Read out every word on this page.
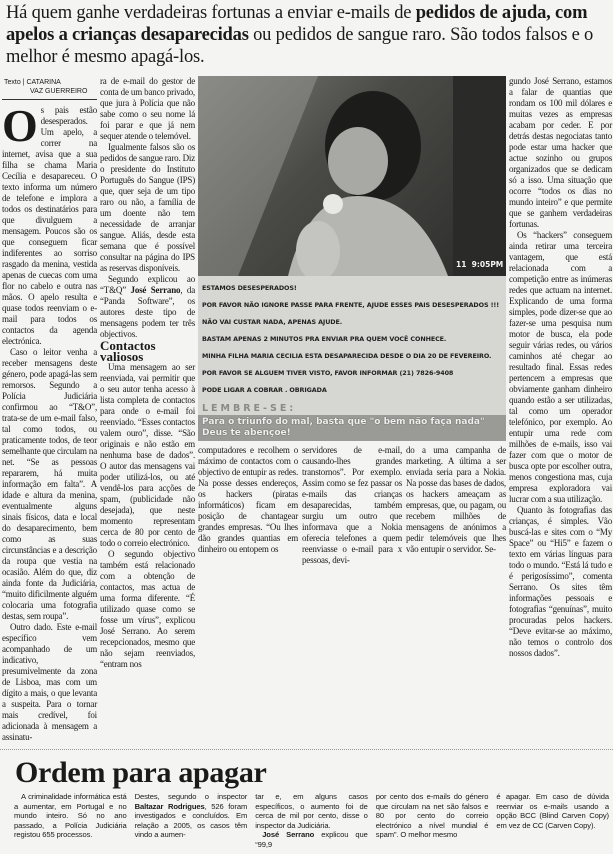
Há quem ganhe verdadeiras fortunas a enviar e-mails de pedidos de ajuda, com apelos a crianças desaparecidas ou pedidos de sangue raro. São todos falsos e o melhor é mesmo apagá-los.
Texto | CATARINA
VAZ GUERREIRO
O s pais estão desesperados. Um apelo, a correr na internet, avisa que a sua filha se chama Maria Cecília e desapareceu. O texto informa um número de telefone e implora a todos os destinatários para que divulguem a mensagem. Poucos são os que conseguem ficar indiferentes ao sorriso rasgado da menina, vestida apenas de cuecas com uma flor no cabelo e outra nas mãos. O apelo resulta e quase todos reenviam o e-mail para todos os contactos da agenda electrónica.

Caso o leitor venha a receber mensagens deste género, pode apagá-las sem remorsos. Segundo a Polícia Judiciária confirmou ao “T&O”, trata-se de um e-mail falso, tal como todos, ou praticamente todos, de teor semelhante que circulam na net. “Se as pessoas repararem, há muita informação em falta”. A idade e altura da menina, eventualmente alguns sinais físicos, data e local do desaparecimento, bem como as suas circunstâncias e a descrição da roupa que vestia na ocasião. Além do que, diz ainda fonte da Judiciária, “muito dificilmente alguém colocaria uma fotografia destas, sem roupa”.

Outro dado. Este e-mail específico vem acompanhado de um indicativo, presumivelmente da zona de Lisboa, mas com um dígito a mais, o que levanta a suspeita. Para o tornar mais credível, foi adicionada à mensagem a assinatu-

ra de e-mail do gestor de conta de um banco privado, que jura à Polícia que não sabe como o seu nome lá foi parar e que já nem sequer atende o telemóvel.

Igualmente falsos são os pedidos de sangue raro. Diz o presidente do Instituto Português do Sangue (IPS) que, quer seja de um tipo raro ou não, a família de um doente não tem necessidade de arranjar sangue. Aliás, desde esta semana que é possível consultar na página do IPS as reservas disponíveis.

Segundo explicou ao “T&Q” José Serrano, da “Panda Software”, os autores deste tipo de mensagens podem ter três objectivos.

Contactos valiosos

Uma mensagem ao ser reenviada, vai permitir que o seu autor tenha acesso à lista completa de contactos para onde o e-mail foi reenviado. “Esses contactos valem ouro”, disse. “São originais e não estão em nenhuma base de dados”. O autor das mensagens vai poder utilizá-los, ou até vendê-los para acções de spam, (publicidade não desejada), que neste momento representam cerca de 80 por cento de todo o correio electrónico.

O segundo objectivo também está relacionado com a obtenção de contactos, mas actua de uma forma diferente. “É utilizado quase como se fosse um vírus”, explicou José Serrano. Ao serem recepcionados, mesmo que não sejam reenviados, “entram nos

11  9:05PM
ESTAMOS DESESPERADOS!
POR FAVOR NÃO IGNORE PASSE PARA FRENTE, AJUDE ESSES PAIS DESESPERADOS !!!
NÃO VAI CUSTAR NADA, APENAS AJUDE.
BASTAM APENAS 2 MINUTOS PRA ENVIAR PRA QUEM VOCÊ CONHECE.
MINHA FILHA MARIA CECILIA ESTA DESAPARECIDA DESDE O DIA 20 DE FEVEREIRO.
POR FAVOR SE ALGUEM TIVER VISTO, FAVOR INFORMAR (21) 7826-9408
PODE LIGAR A COBRAR . OBRIGADA
LEMBRE-SE:
Para o triunfo do mal, basta que "o bem não faça nada"
Deus te abençoe!

computadores e recolhem o máximo de contactos com o objectivo de entupir as redes. Na posse desses endereços, os hackers (piratas informáticos) ficam em posição de chantagear grandes empresas. “Ou lhes dão grandes quantias em dinheiro ou entopem os

servidores de e-mail, causando-lhes grandes transtornos”. Por exemplo. Assim como se fez passar os e-mails das crianças desaparecidas, também surgiu um outro que informava que a Nokia oferecia telefones a quem reenviasse o e-mail para x pessoas, devi-

do a uma campanha de marketing. A última a ser enviada seria para a Nokia. Na posse das bases de dados, os hackers ameaçam as empresas, que, ou pagam, ou recebem milhões de mensagens de anónimos a pedir telemóveis que lhes vão entupir o servidor. Se-

gundo José Serrano, estamos a falar de quantias que rondam os 100 mil dólares e muitas vezes as empresas acabam por ceder. E por detrás destas negociatas tanto pode estar uma hacker que actue sozinho ou grupos organizados que se dedicam só a isso. Uma situação que ocorre “todos os dias no mundo inteiro” e que permite que se ganhem verdadeiras fortunas.

Os “hackers” conseguem ainda retirar uma terceira vantagem, que está relacionada com a competição entre as inúmeras redes que actuam na internet. Explicando de uma forma simples, pode dizer-se que ao fazer-se uma pesquisa num motor de busca, ela pode seguir várias redes, ou vários caminhos até chegar ao resultado final. Essas redes pertencem a empresas que obviamente ganham dinheiro quando estão a ser utilizadas, tal como um operador telefónico, por exemplo. Ao entupir uma rede com milhões de e-mails, isso vai fazer com que o motor de busca opte por escolher outra, menos congestiona mas, cuja empresa exploradora vai lucrar com a sua utilização.

Quanto às fotografias das crianças, é simples. Vão buscá-las e sites com o “My Space” ou “Hi5” e fazem o texto em várias línguas para todo o mundo. “Está lá tudo e é perigosíssimo”, comenta Serrano. Os sites têm informações pessoais e fotografias “genuínas”, muito procuradas pelos hackers. “Deve evitar-se ao máximo, não temos o controlo dos nossos dados”.

Ordem para apagar

A criminalidade informática está a aumentar, em Portugal e no mundo inteiro. Só no ano passado, a Polícia Judiciária registou 655 processos.

Destes, segundo o inspector Baltazar Rodrigues, 526 foram investigados e concluídos. Em relação a 2005, os casos têm vindo a aumen-

tar e, em alguns casos específicos, o aumento foi de cerca de mil por cento, disse o inspector da Judiciária.

José Serrano explicou que “99,9

por cento dos e-mails do género que circulam na net são falsos e 80 por cento do correio electrónico a nível mundial é spam”. O melhor mesmo

é apagar. Em caso de dúvida reenviar os e-mails usando a opção BCC (Blind Carven Copy) em vez de CC (Carven Copy).
